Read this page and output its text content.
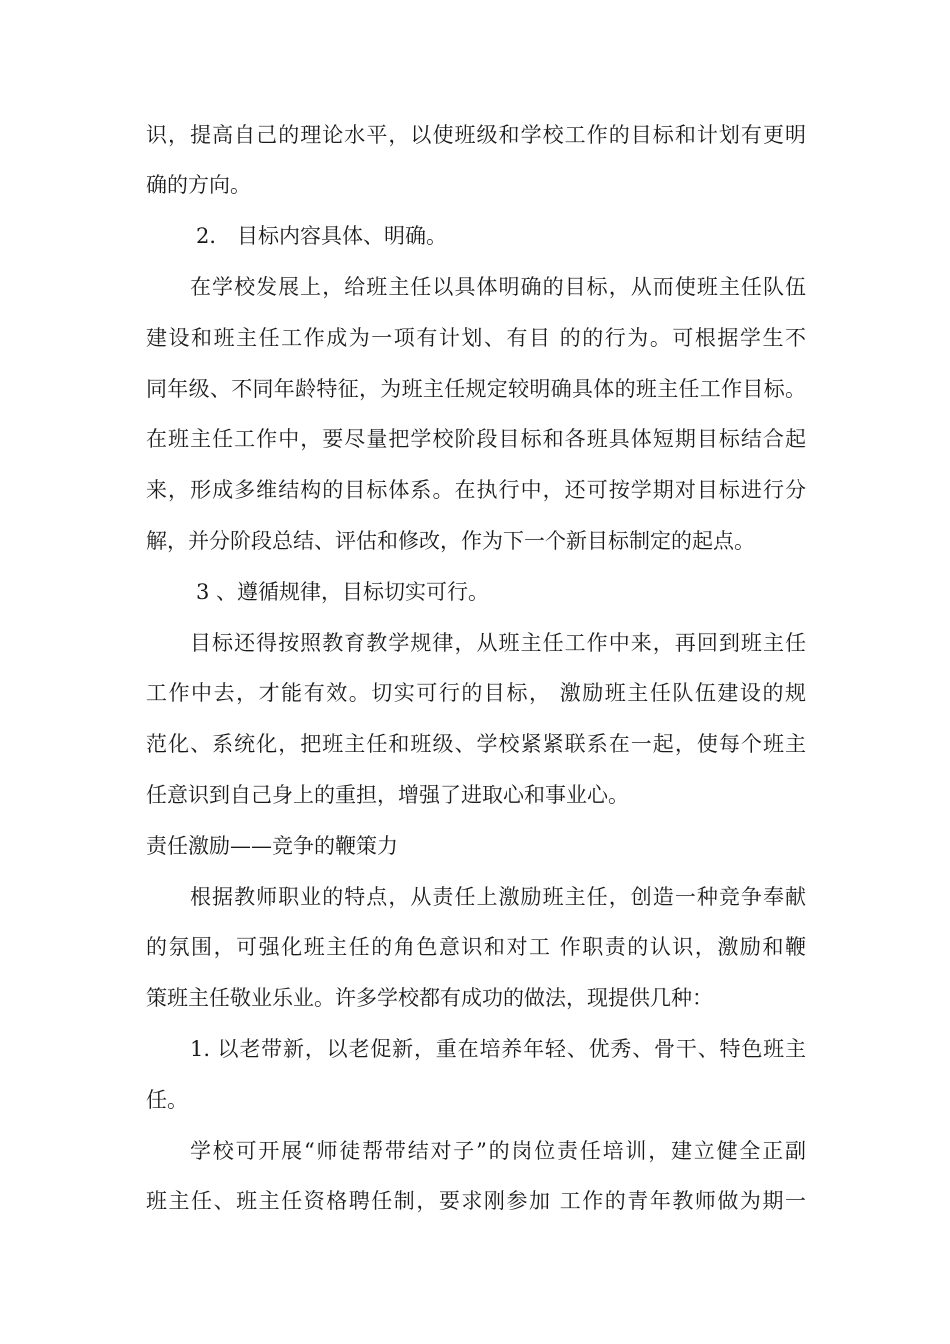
识，提高自己的理论水平，以使班级和学校工作的目标和计划有更明
确的方向。
2． 目标内容具体、明确。
在学校发展上，给班主任以具体明确的目标，从而使班主任队伍
建设和班主任工作成为一项有计划、有目 的的行为。可根据学生不
同年级、不同年龄特征，为班主任规定较明确具体的班主任工作目标。
在班主任工作中，要尽量把学校阶段目标和各班具体短期目标结合起
来，形成多维结构的目标体系。在执行中，还可按学期对目标进行分
解，并分阶段总结、评估和修改，作为下一个新目标制定的起点。
3 、遵循规律，目标切实可行。
目标还得按照教育教学规律，从班主任工作中来，再回到班主任
工作中去，才能有效。切实可行的目标， 激励班主任队伍建设的规
范化、系统化，把班主任和班级、学校紧紧联系在一起，使每个班主
任意识到自己身上的重担，增强了进取心和事业心。
责任激励——竞争的鞭策力
根据教师职业的特点，从责任上激励班主任，创造一种竞争奉献
的氛围，可强化班主任的角色意识和对工 作职责的认识，激励和鞭
策班主任敬业乐业。许多学校都有成功的做法，现提供几种：
1. 以老带新，以老促新，重在培养年轻、优秀、骨干、特色班主
任。
学校可开展“师徒帮带结对子”的岗位责任培训，建立健全正副
班主任、班主任资格聘任制，要求刚参加 工作的青年教师做为期一
